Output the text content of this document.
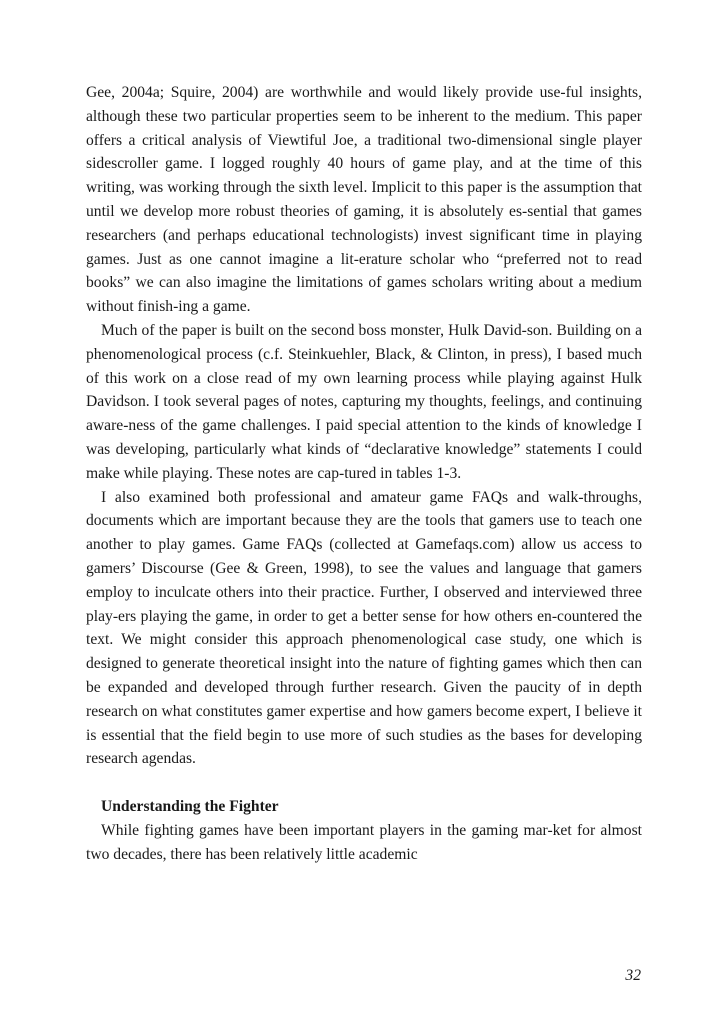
Gee, 2004a; Squire, 2004) are worthwhile and would likely provide use-ful insights, although these two particular properties seem to be inherent to the medium. This paper offers a critical analysis of Viewtiful Joe, a traditional two-dimensional single player sidescroller game. I logged roughly 40 hours of game play, and at the time of this writing, was working through the sixth level. Implicit to this paper is the assumption that until we develop more robust theories of gaming, it is absolutely es-sential that games researchers (and perhaps educational technologists) invest significant time in playing games. Just as one cannot imagine a lit-erature scholar who “preferred not to read books” we can also imagine the limitations of games scholars writing about a medium without finish-ing a game.

Much of the paper is built on the second boss monster, Hulk David-son. Building on a phenomenological process (c.f. Steinkuehler, Black, & Clinton, in press), I based much of this work on a close read of my own learning process while playing against Hulk Davidson. I took several pages of notes, capturing my thoughts, feelings, and continuing aware-ness of the game challenges. I paid special attention to the kinds of knowledge I was developing, particularly what kinds of “declarative knowledge” statements I could make while playing. These notes are cap-tured in tables 1-3.

I also examined both professional and amateur game FAQs and walk-throughs, documents which are important because they are the tools that gamers use to teach one another to play games. Game FAQs (collected at Gamefaqs.com) allow us access to gamers’ Discourse (Gee & Green, 1998), to see the values and language that gamers employ to inculcate others into their practice. Further, I observed and interviewed three play-ers playing the game, in order to get a better sense for how others en-countered the text. We might consider this approach phenomenological case study, one which is designed to generate theoretical insight into the nature of fighting games which then can be expanded and developed through further research. Given the paucity of in depth research on what constitutes gamer expertise and how gamers become expert, I believe it is essential that the field begin to use more of such studies as the bases for developing research agendas.

Understanding the Fighter

While fighting games have been important players in the gaming mar-ket for almost two decades, there has been relatively little academic

32
